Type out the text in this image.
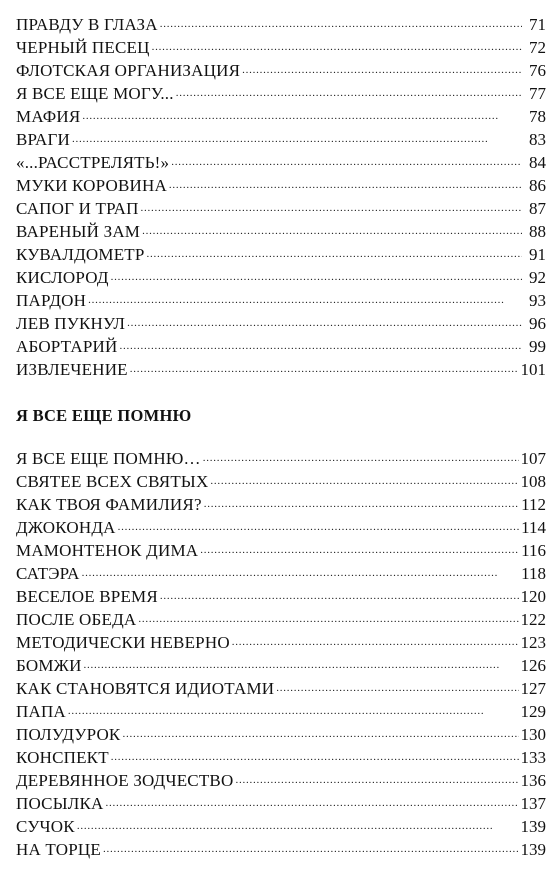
ПРАВДУ В ГЛАЗА . . .	71
ЧЕРНЫЙ ПЕСЕЦ . . .	72
ФЛОТСКАЯ ОРГАНИЗАЦИЯ . . .	76
Я ВСЕ ЕЩЕ МОГУ... . . .	77
МАФИЯ . . .	78
ВРАГИ . . .	83
«...РАССТРЕЛЯТЬ!» . . .	84
МУКИ КОРОВИНА . . .	86
САПОГ И ТРАП . . .	87
ВАРЕНЫЙ ЗАМ . . .	88
КУВАЛДОМЕТР . . .	91
КИСЛОРОД . . .	92
ПАРДОН . . .	93
ЛЕВ ПУКНУЛ . . .	96
АБОРТАРИЙ . . .	99
ИЗВЛЕЧЕНИЕ . . .	101
Я ВСЕ ЕЩЕ ПОМНЮ
Я ВСЕ ЕЩЕ ПОМНЮ… . . .	107
СВЯТЕЕ ВСЕХ СВЯТЫХ . . .	108
КАК ТВОЯ ФАМИЛИЯ? . . .	112
ДЖОКОНДА . . .	114
МАМОНТЕНОК ДИМА . . .	116
САТЭРА . . .	118
ВЕСЕЛОЕ ВРЕМЯ . . .	120
ПОСЛЕ ОБЕДА . . .	122
МЕТОДИЧЕСКИ НЕВЕРНО . . .	123
БОМЖИ . . .	126
КАК СТАНОВЯТСЯ ИДИОТАМИ . . .	127
ПАПА . . .	129
ПОЛУДУРОК . . .	130
КОНСПЕКТ . . .	133
ДЕРЕВЯННОЕ ЗОДЧЕСТВО . . .	136
ПОСЫЛКА . . .	137
СУЧОК . . .	139
НА ТОРЦЕ . . .	139
